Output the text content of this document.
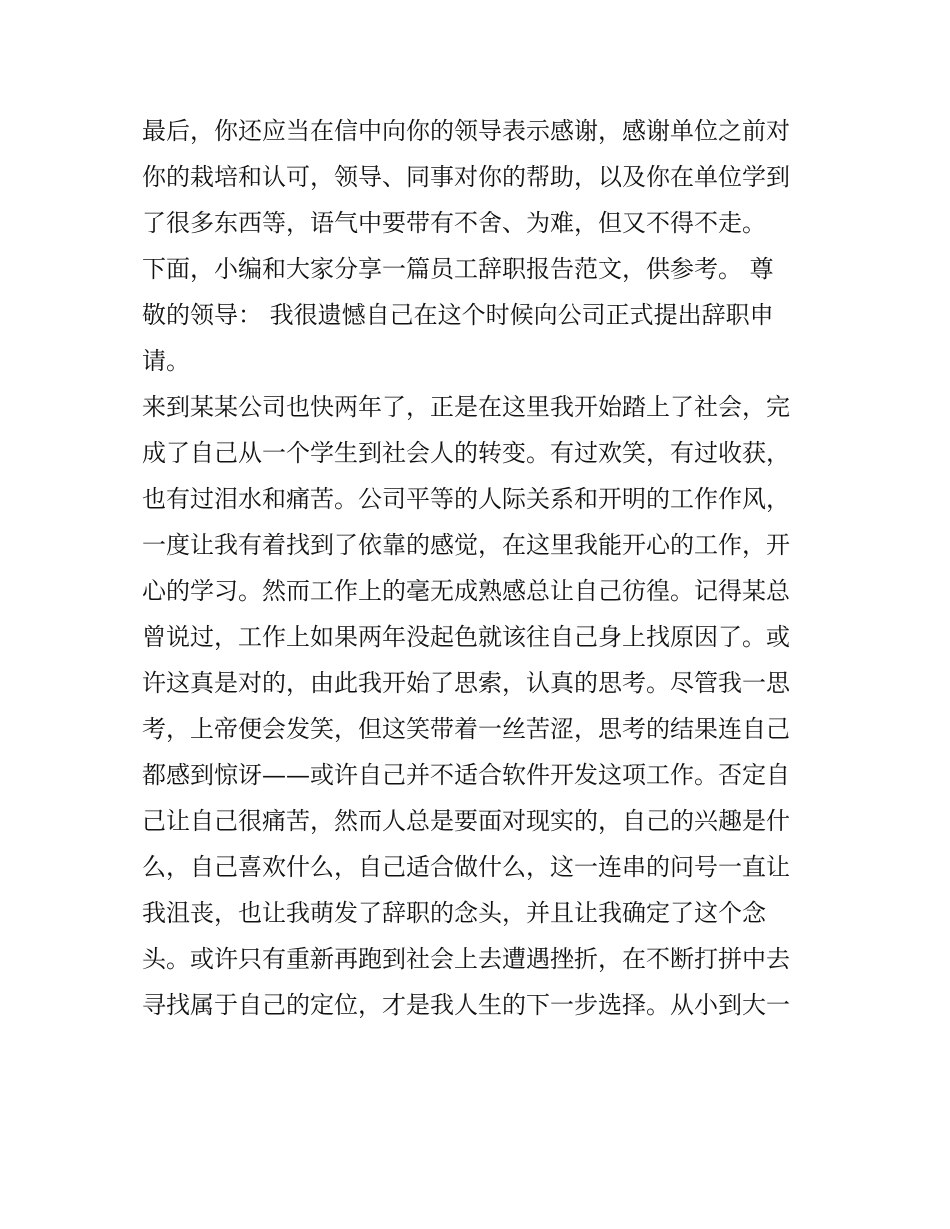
最后，你还应当在信中向你的领导表示感谢，感谢单位之前对
你的栽培和认可，领导、同事对你的帮助，以及你在单位学到
了很多东西等，语气中要带有不舍、为难，但又不得不走。
下面，小编和大家分享一篇员工辞职报告范文，供参考。 尊
敬的领导： 我很遗憾自己在这个时候向公司正式提出辞职申
请。
来到某某公司也快两年了，正是在这里我开始踏上了社会，完
成了自己从一个学生到社会人的转变。有过欢笑，有过收获，
也有过泪水和痛苦。公司平等的人际关系和开明的工作作风，
一度让我有着找到了依靠的感觉，在这里我能开心的工作，开
心的学习。然而工作上的毫无成熟感总让自己彷徨。记得某总
曾说过，工作上如果两年没起色就该往自己身上找原因了。或
许这真是对的，由此我开始了思索，认真的思考。尽管我一思
考，上帝便会发笑，但这笑带着一丝苦涩，思考的结果连自己
都感到惊讶——或许自己并不适合软件开发这项工作。否定自
己让自己很痛苦，然而人总是要面对现实的，自己的兴趣是什
么，自己喜欢什么，自己适合做什么，这一连串的问号一直让
我沮丧，也让我萌发了辞职的念头，并且让我确定了这个念
头。或许只有重新再跑到社会上去遭遇挫折，在不断打拼中去
寻找属于自己的定位，才是我人生的下一步选择。从小到大一
